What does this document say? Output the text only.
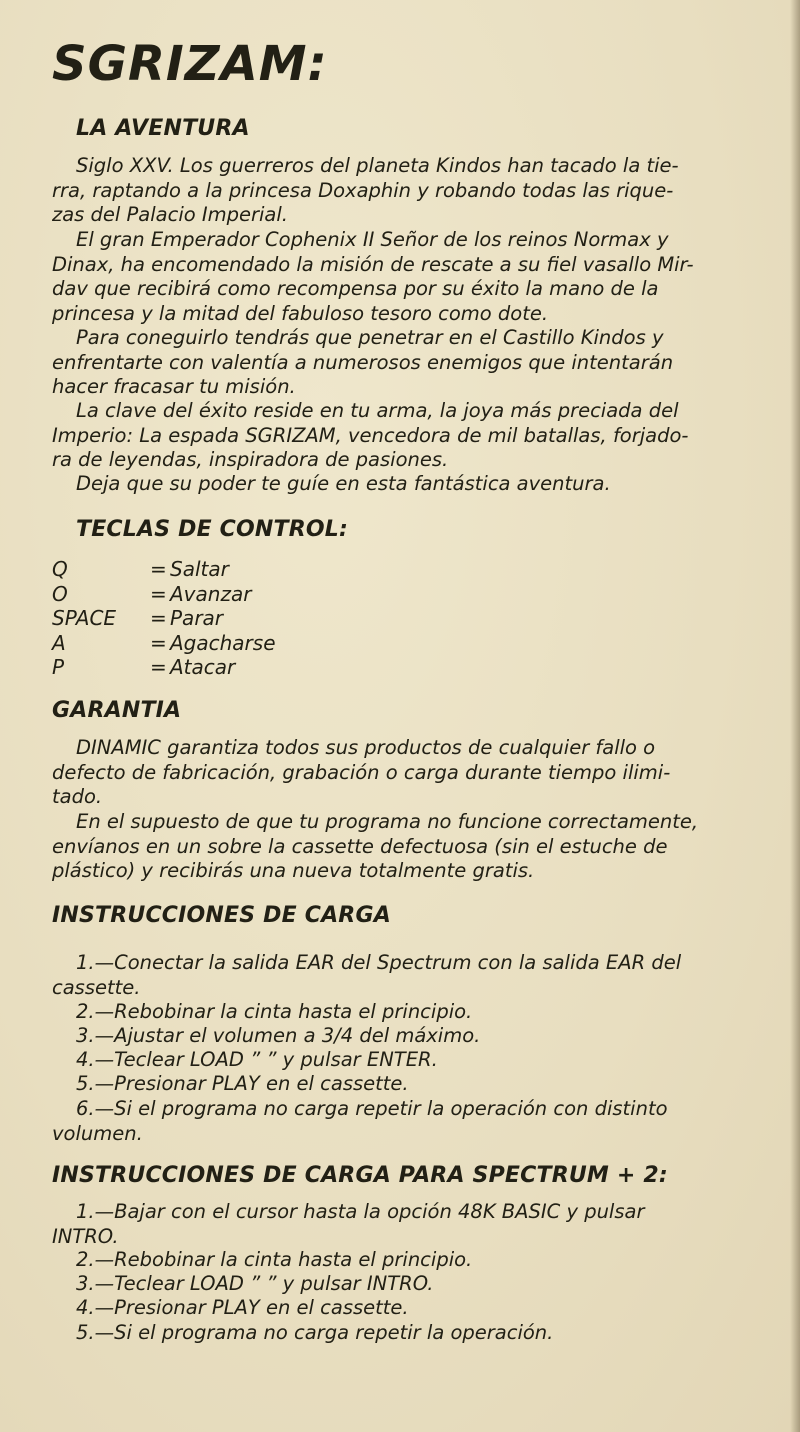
SGRIZAM:
LA AVENTURA

Siglo XXV. Los guerreros del planeta Kindos han tacado la tie-
rra, raptando a la princesa Doxaphin y robando todas las rique-
zas del Palacio Imperial.

El gran Emperador Cophenix II Señor de los reinos Normax y
Dinax, ha encomendado la misión de rescate a su fiel vasallo Mir-
dav que recibirá como recompensa por su éxito la mano de la
princesa y la mitad del fabuloso tesoro como dote.

Para coneguirlo tendrás que penetrar en el Castillo Kindos y
enfrentarte con valentía a numerosos enemigos que intentarán
hacer fracasar tu misión.

La clave del éxito reside en tu arma, la joya más preciada del
Imperio: La espada SGRIZAM, vencedora de mil batallas, forjado-
ra de leyendas, inspiradora de pasiones.

Deja que su poder te guíe en esta fantástica aventura.

TECLAS DE CONTROL:
Q	= Saltar
O	= Avanzar
SPACE	= Parar
A	= Agacharse
P	= Atacar
GARANTIA

DINAMIC garantiza todos sus productos de cualquier fallo o
defecto de fabricación, grabación o carga durante tiempo ilimi-
tado.

En el supuesto de que tu programa no funcione correctamente,
envíanos en un sobre la cassette defectuosa (sin el estuche de
plástico) y recibirás una nueva totalmente gratis.

INSTRUCCIONES DE CARGA

1.—Conectar la salida EAR del Spectrum con la salida EAR del
cassette.

2.—Rebobinar la cinta hasta el principio.

3.—Ajustar el volumen a 3/4 del máximo.

4.—Teclear LOAD ” ” y pulsar ENTER.

5.—Presionar PLAY en el cassette.

6.—Si el programa no carga repetir la operación con distinto
volumen.

INSTRUCCIONES DE CARGA PARA SPECTRUM + 2:

1.—Bajar con el cursor hasta la opción 48K BASIC y pulsar
INTRO.

2.—Rebobinar la cinta hasta el principio.

3.—Teclear LOAD ” ” y pulsar INTRO.

4.—Presionar PLAY en el cassette.

5.—Si el programa no carga repetir la operación.
